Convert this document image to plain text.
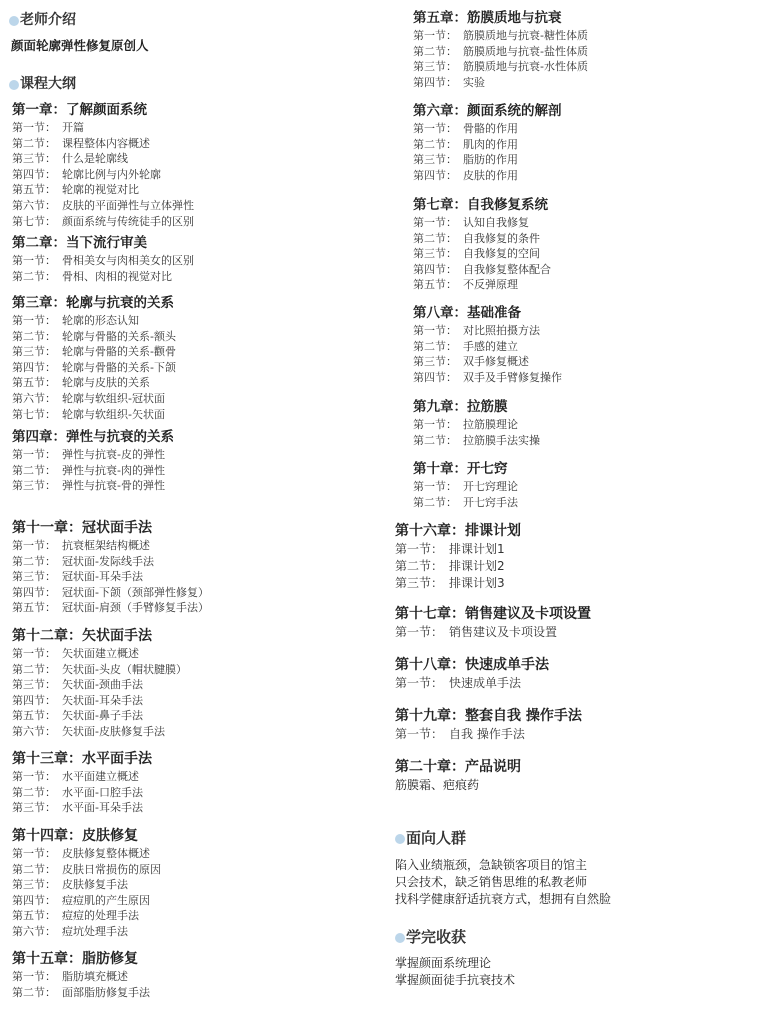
老师介绍
颜面轮廓弹性修复原创人
课程大纲
第一章：了解颜面系统
第一节： 开篇
第二节： 课程整体内容概述
第三节： 什么是轮廓线
第四节： 轮廓比例与内外轮廓
第五节： 轮廓的视觉对比
第六节： 皮肤的平面弹性与立体弹性
第七节： 颜面系统与传统徒手的区别
第二章：当下流行审美
第一节： 骨相美女与肉相美女的区别
第二节： 骨相、肉相的视觉对比
第三章：轮廓与抗衰的关系
第一节： 轮廓的形态认知
第二节： 轮廓与骨骼的关系-额头
第三节： 轮廓与骨骼的关系-颧骨
第四节： 轮廓与骨骼的关系-下颌
第五节： 轮廓与皮肤的关系
第六节： 轮廓与软组织-冠状面
第七节： 轮廓与软组织-矢状面
第四章：弹性与抗衰的关系
第一节： 弹性与抗衰-皮的弹性
第二节： 弹性与抗衰-肉的弹性
第三节： 弹性与抗衰-骨的弹性
第十一章：冠状面手法
第一节： 抗衰框架结构概述
第二节： 冠状面-发际线手法
第三节： 冠状面-耳朵手法
第四节： 冠状面-下颌（颈部弹性修复）
第五节： 冠状面-肩颈（手臂修复手法）
第十二章：矢状面手法
第一节： 矢状面建立概述
第二节： 矢状面-头皮（帽状腱膜）
第三节： 矢状面-颈曲手法
第四节： 矢状面-耳朵手法
第五节： 矢状面-鼻子手法
第六节： 矢状面-皮肤修复手法
第十三章：水平面手法
第一节： 水平面建立概述
第二节： 水平面-口腔手法
第三节： 水平面-耳朵手法
第十四章：皮肤修复
第一节： 皮肤修复整体概述
第二节： 皮肤日常损伤的原因
第三节： 皮肤修复手法
第四节： 痘痘肌的产生原因
第五节： 痘痘的处理手法
第六节： 痘坑处理手法
第十五章：脂肪修复
第一节： 脂肪填充概述
第二节： 面部脂肪修复手法
第五章：筋膜质地与抗衰
第一节： 筋膜质地与抗衰-糖性体质
第二节： 筋膜质地与抗衰-盐性体质
第三节： 筋膜质地与抗衰-水性体质
第四节： 实验
第六章：颜面系统的解剖
第一节： 骨骼的作用
第二节： 肌肉的作用
第三节： 脂肪的作用
第四节： 皮肤的作用
第七章：自我修复系统
第一节： 认知自我修复
第二节： 自我修复的条件
第三节： 自我修复的空间
第四节： 自我修复整体配合
第五节： 不反弹原理
第八章：基础准备
第一节： 对比照拍摄方法
第二节： 手感的建立
第三节： 双手修复概述
第四节： 双手及手臂修复操作
第九章：拉筋膜
第一节： 拉筋膜理论
第二节： 拉筋膜手法实操
第十章：开七窍
第一节： 开七窍理论
第二节： 开七窍手法
第十六章：排课计划
第一节： 排课计划1
第二节： 排课计划2
第三节： 排课计划3
第十七章：销售建议及卡项设置
第一节： 销售建议及卡项设置
第十八章：快速成单手法
第一节： 快速成单手法
第十九章：整套自我 操作手法
第一节： 自我 操作手法
第二十章：产品说明
筋膜霜、疤痕药
面向人群
陷入业绩瓶颈，急缺锁客项目的馆主
只会技术，缺乏销售思维的私教老师
找科学健康舒适抗衰方式，想拥有自然脸
学完收获
掌握颜面系统理论
掌握颜面徒手抗衰技术
